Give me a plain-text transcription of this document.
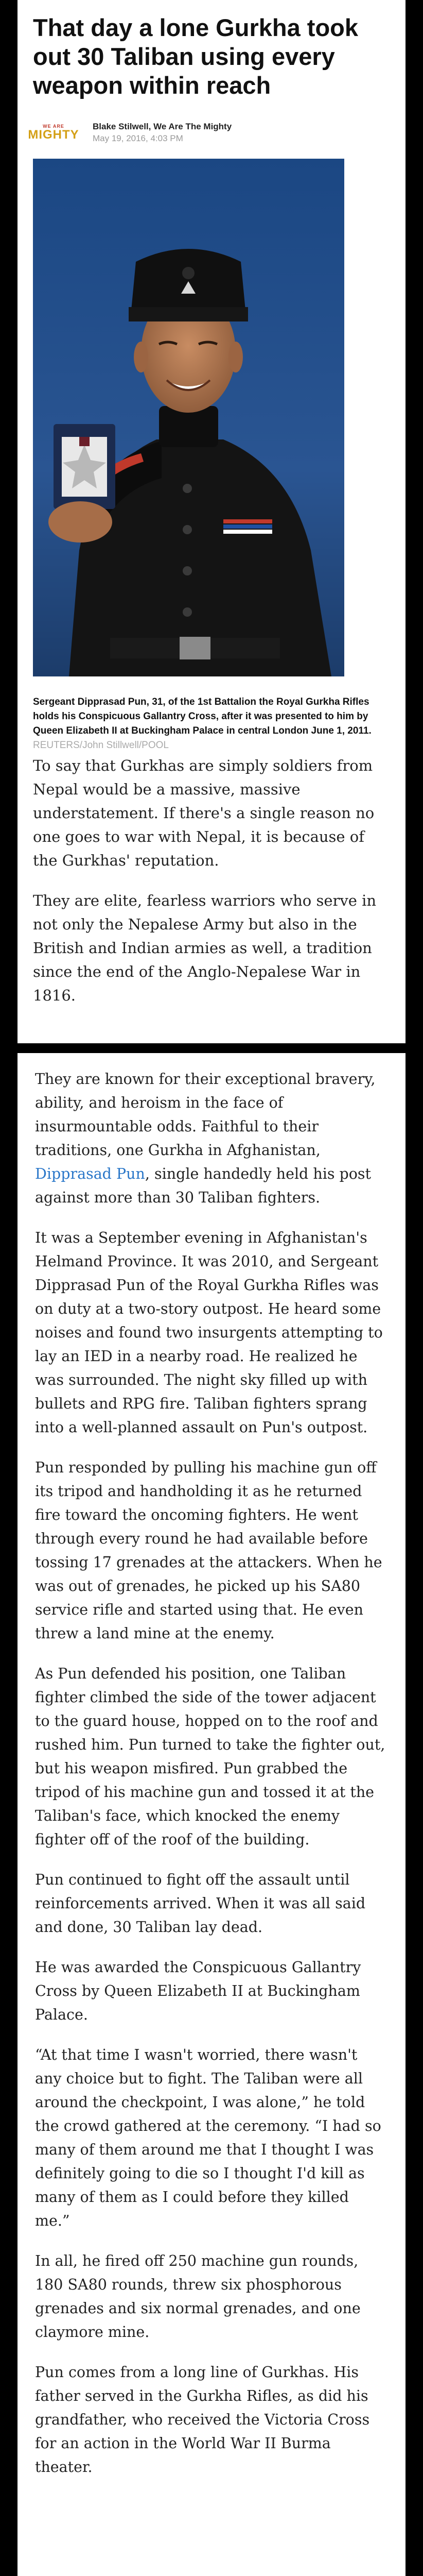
That day a lone Gurkha took out 30 Taliban using every weapon within reach
WE ARE
MIGHTY
Blake Stilwell, We Are The Mighty
May 19, 2016, 4:03 PM

Sergeant Dipprasad Pun, 31, of the 1st Battalion the Royal Gurkha Rifles holds his Conspicuous Gallantry Cross, after it was presented to him by Queen Elizabeth II at Buckingham Palace in central London June 1, 2011. REUTERS/John Stillwell/POOL

To say that Gurkhas are simply soldiers from Nepal would be a massive, massive understatement. If there's a single reason no one goes to war with Nepal, it is because of the Gurkhas' reputation.

They are elite, fearless warriors who serve in not only the Nepalese Army but also in the British and Indian armies as well, a tradition since the end of the Anglo-Nepalese War in 1816.

They are known for their exceptional bravery, ability, and heroism in the face of insurmountable odds. Faithful to their traditions, one Gurkha in Afghanistan, Dipprasad Pun, single handedly held his post against more than 30 Taliban fighters.

It was a September evening in Afghanistan's Helmand Province. It was 2010, and Sergeant Dipprasad Pun of the Royal Gurkha Rifles was on duty at a two-story outpost. He heard some noises and found two insurgents attempting to lay an IED in a nearby road. He realized he was surrounded. The night sky filled up with bullets and RPG fire. Taliban fighters sprang into a well-planned assault on Pun's outpost.

Pun responded by pulling his machine gun off its tripod and handholding it as he returned fire toward the oncoming fighters. He went through every round he had available before tossing 17 grenades at the attackers. When he was out of grenades, he picked up his SA80 service rifle and started using that. He even threw a land mine at the enemy.

As Pun defended his position, one Taliban fighter climbed the side of the tower adjacent to the guard house, hopped on to the roof and rushed him. Pun turned to take the fighter out, but his weapon misfired. Pun grabbed the tripod of his machine gun and tossed it at the Taliban's face, which knocked the enemy fighter off of the roof of the building.

Pun continued to fight off the assault until reinforcements arrived. When it was all said and done, 30 Taliban lay dead.

He was awarded the Conspicuous Gallantry Cross by Queen Elizabeth II at Buckingham Palace.

“At that time I wasn't worried, there wasn't any choice but to fight. The Taliban were all around the checkpoint, I was alone,” he told the crowd gathered at the ceremony. “I had so many of them around me that I thought I was definitely going to die so I thought I'd kill as many of them as I could before they killed me.”

In all, he fired off 250 machine gun rounds, 180 SA80 rounds, threw six phosphorous grenades and six normal grenades, and one claymore mine.

Pun comes from a long line of Gurkhas. His father served in the Gurkha Rifles, as did his grandfather, who received the Victoria Cross for an action in the World War II Burma theater.
